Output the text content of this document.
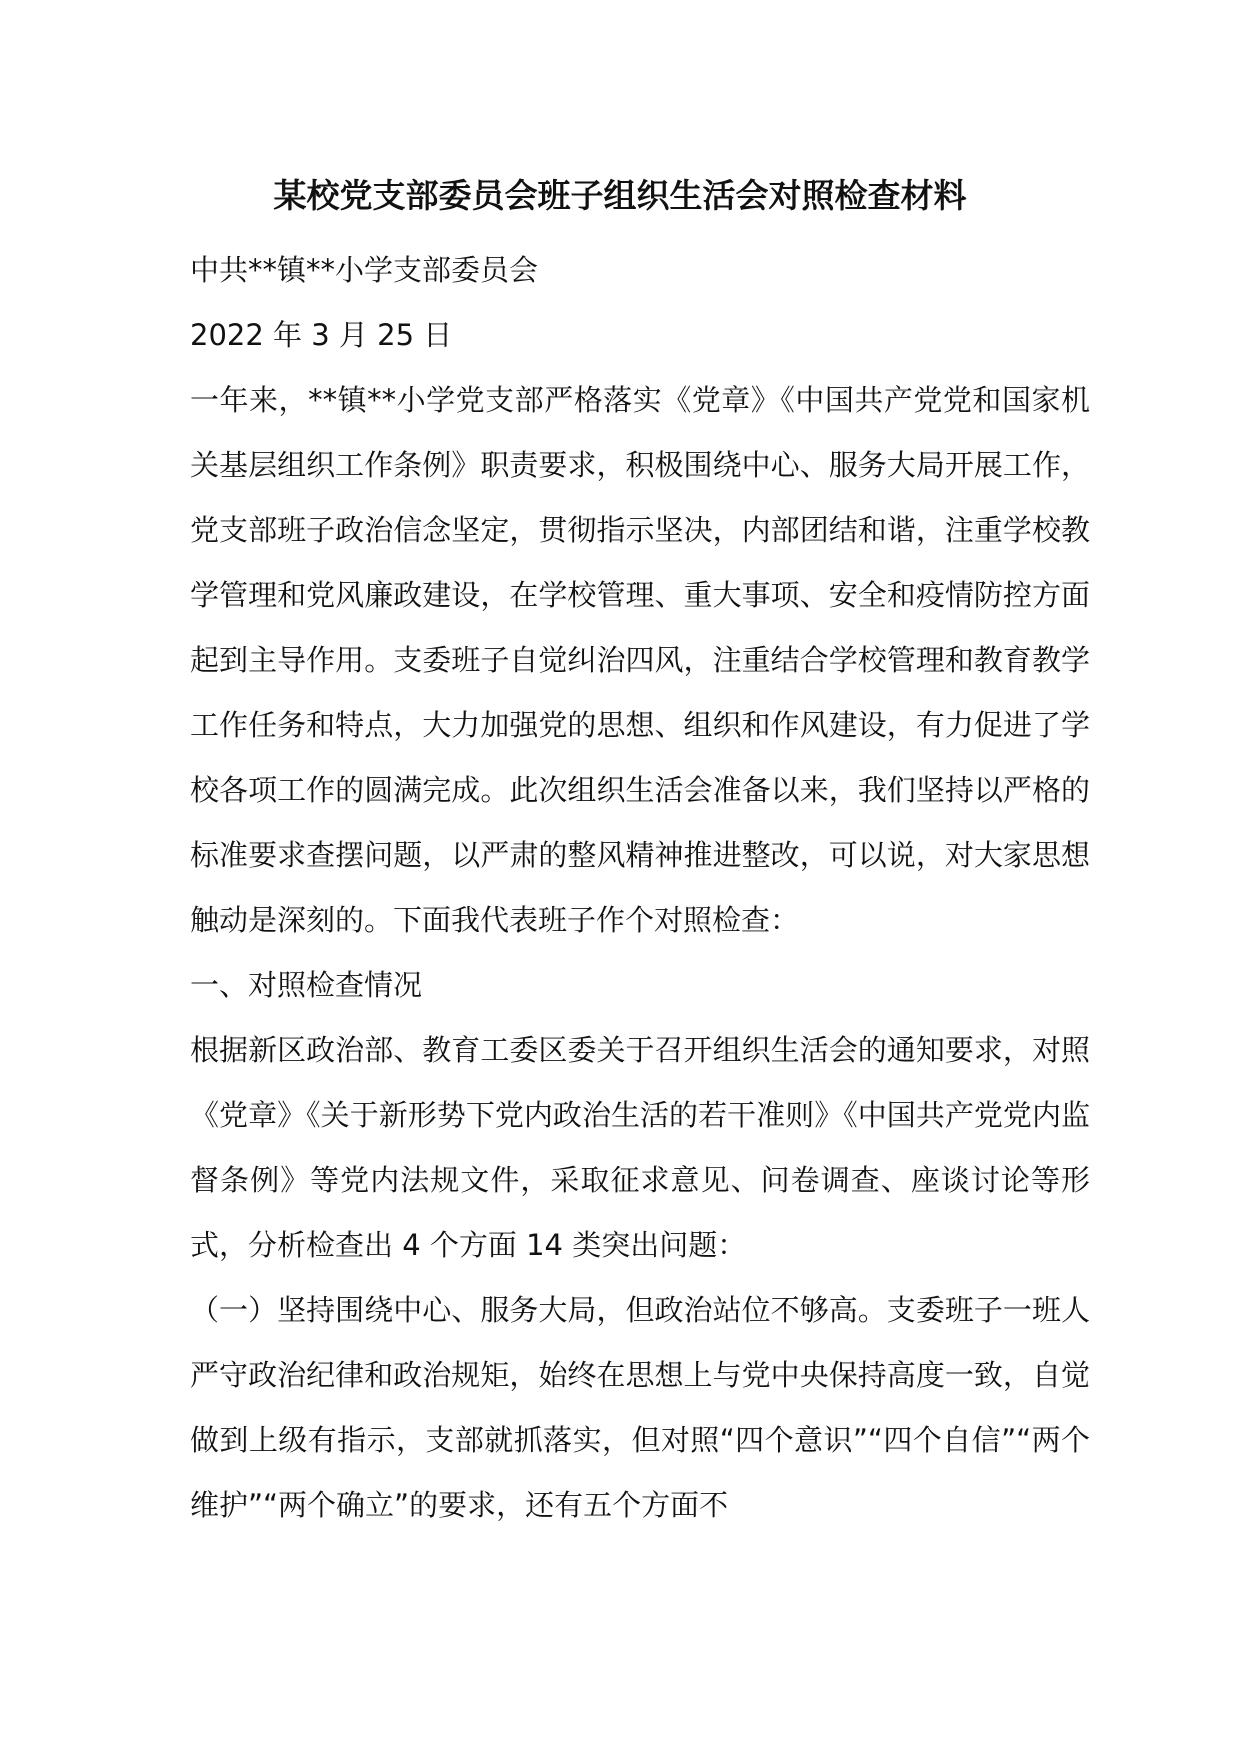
某校党支部委员会班子组织生活会对照检查材料

中共**镇**小学支部委员会

2022 年 3 月 25 日

一年来，**镇**小学党支部严格落实《党章》《中国共产党党和国家机关基层组织工作条例》职责要求，积极围绕中心、服务大局开展工作，党支部班子政治信念坚定，贯彻指示坚决，内部团结和谐，注重学校教学管理和党风廉政建设，在学校管理、重大事项、安全和疫情防控方面起到主导作用。支委班子自觉纠治四风，注重结合学校管理和教育教学工作任务和特点，大力加强党的思想、组织和作风建设，有力促进了学校各项工作的圆满完成。此次组织生活会准备以来，我们坚持以严格的标准要求查摆问题，以严肃的整风精神推进整改，可以说，对大家思想触动是深刻的。下面我代表班子作个对照检查：

一、对照检查情况

根据新区政治部、教育工委区委关于召开组织生活会的通知要求，对照《党章》《关于新形势下党内政治生活的若干准则》《中国共产党党内监督条例》等党内法规文件，采取征求意见、问卷调查、座谈讨论等形式，分析检查出 4 个方面 14 类突出问题：

（一）坚持围绕中心、服务大局，但政治站位不够高。支委班子一班人严守政治纪律和政治规矩，始终在思想上与党中央保持高度一致，自觉做到上级有指示，支部就抓落实，但对照“四个意识”“四个自信”“两个维护”“两个确立”的要求，还有五个方面不
